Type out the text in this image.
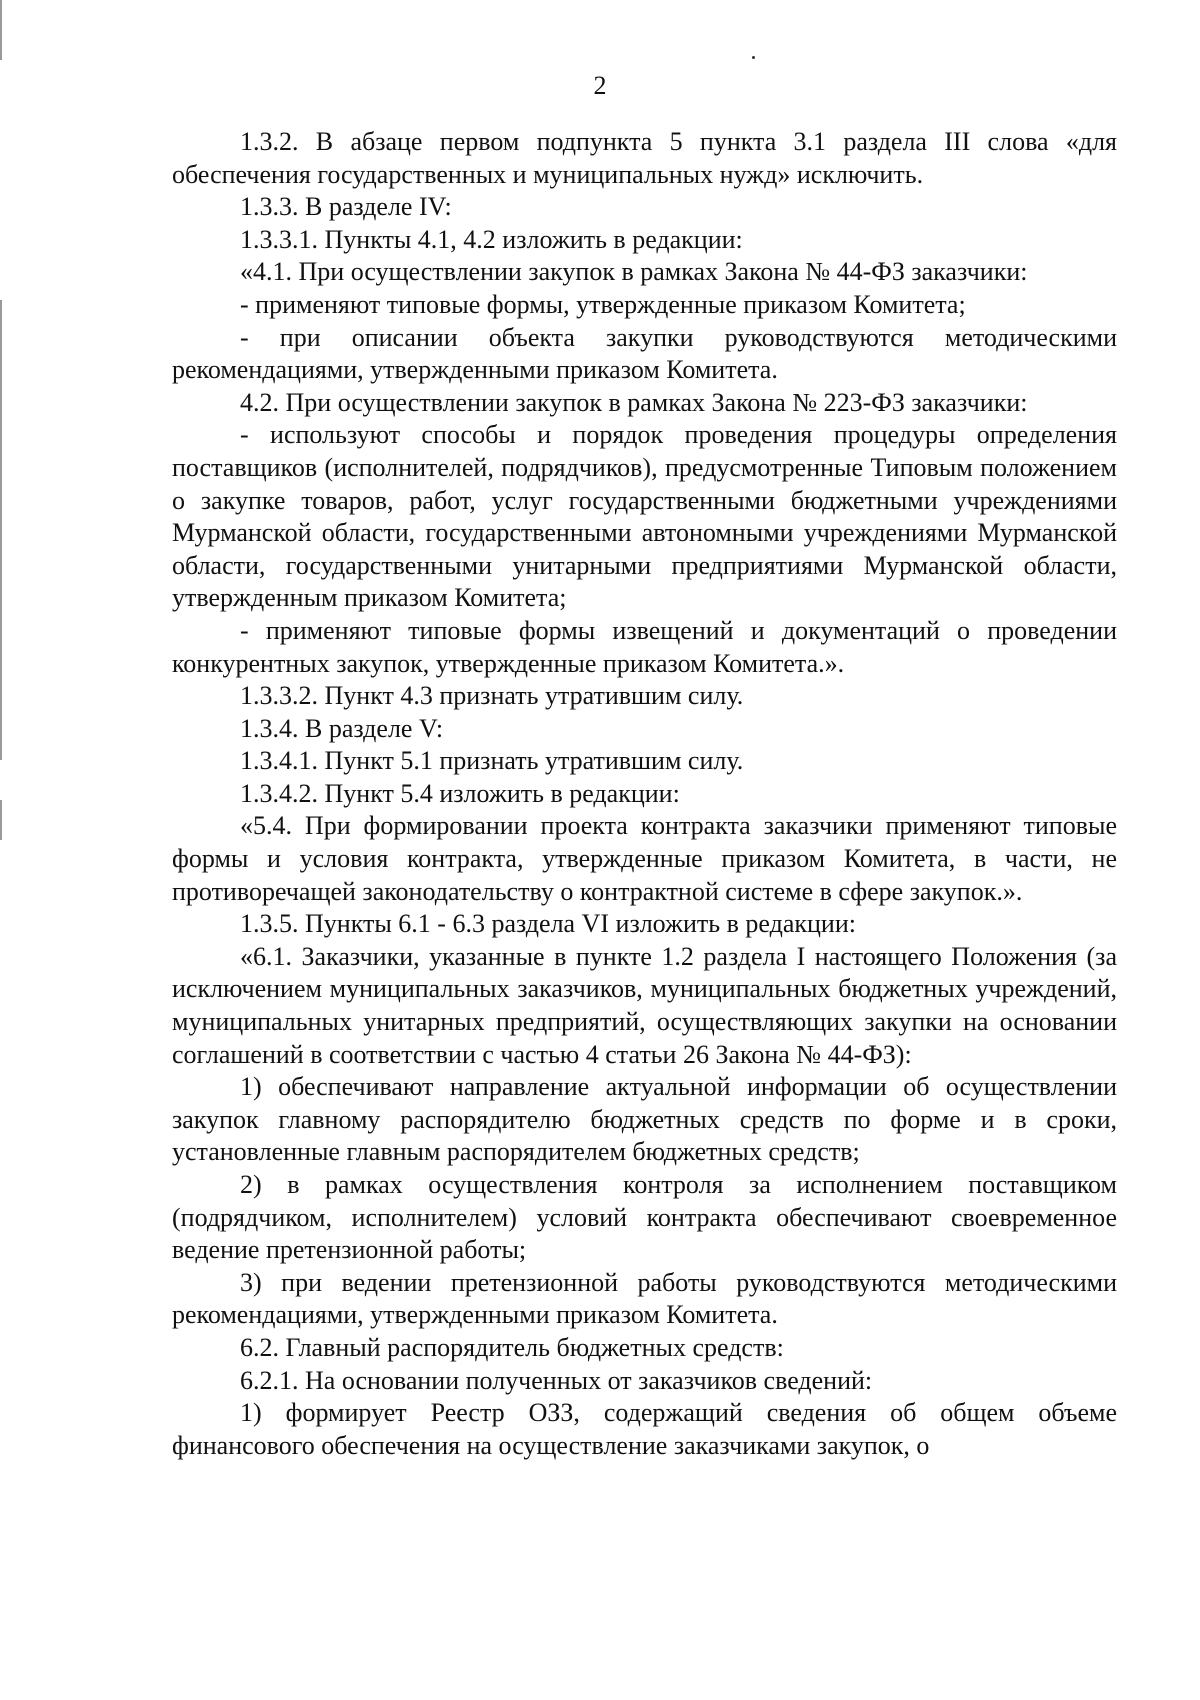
2

1.3.2. В абзаце первом подпункта 5 пункта 3.1 раздела III слова «для обеспечения государственных и муниципальных нужд» исключить.

1.3.3. В разделе IV:

1.3.3.1. Пункты 4.1, 4.2 изложить в редакции:

«4.1. При осуществлении закупок в рамках Закона № 44-ФЗ заказчики:

- применяют типовые формы, утвержденные приказом Комитета;

- при описании объекта закупки руководствуются методическими рекомендациями, утвержденными приказом Комитета.

4.2. При осуществлении закупок в рамках Закона № 223-ФЗ заказчики:

- используют способы и порядок проведения процедуры определения поставщиков (исполнителей, подрядчиков), предусмотренные Типовым положением о закупке товаров, работ, услуг государственными бюджетными учреждениями Мурманской области, государственными автономными учреждениями Мурманской области, государственными унитарными предприятиями Мурманской области, утвержденным приказом Комитета;

- применяют типовые формы извещений и документаций о проведении конкурентных закупок, утвержденные приказом Комитета.».

1.3.3.2. Пункт 4.3 признать утратившим силу.

1.3.4. В разделе V:

1.3.4.1. Пункт 5.1 признать утратившим силу.

1.3.4.2. Пункт 5.4 изложить в редакции:

«5.4. При формировании проекта контракта заказчики применяют типовые формы и условия контракта, утвержденные приказом Комитета, в части, не противоречащей законодательству о контрактной системе в сфере закупок.».

1.3.5. Пункты 6.1 - 6.3 раздела VI изложить в редакции:

«6.1. Заказчики, указанные в пункте 1.2 раздела I настоящего Положения (за исключением муниципальных заказчиков, муниципальных бюджетных учреждений, муниципальных унитарных предприятий, осуществляющих закупки на основании соглашений в соответствии с частью 4 статьи 26 Закона № 44-ФЗ):

1) обеспечивают направление актуальной информации об осуществлении закупок главному распорядителю бюджетных средств по форме и в сроки, установленные главным распорядителем бюджетных средств;

2) в рамках осуществления контроля за исполнением поставщиком (подрядчиком, исполнителем) условий контракта обеспечивают своевременное ведение претензионной работы;

3) при ведении претензионной работы руководствуются методическими рекомендациями, утвержденными приказом Комитета.

6.2. Главный распорядитель бюджетных средств:

6.2.1. На основании полученных от заказчиков сведений:

1) формирует Реестр ОЗЗ, содержащий сведения об общем объеме финансового обеспечения на осуществление заказчиками закупок, о
